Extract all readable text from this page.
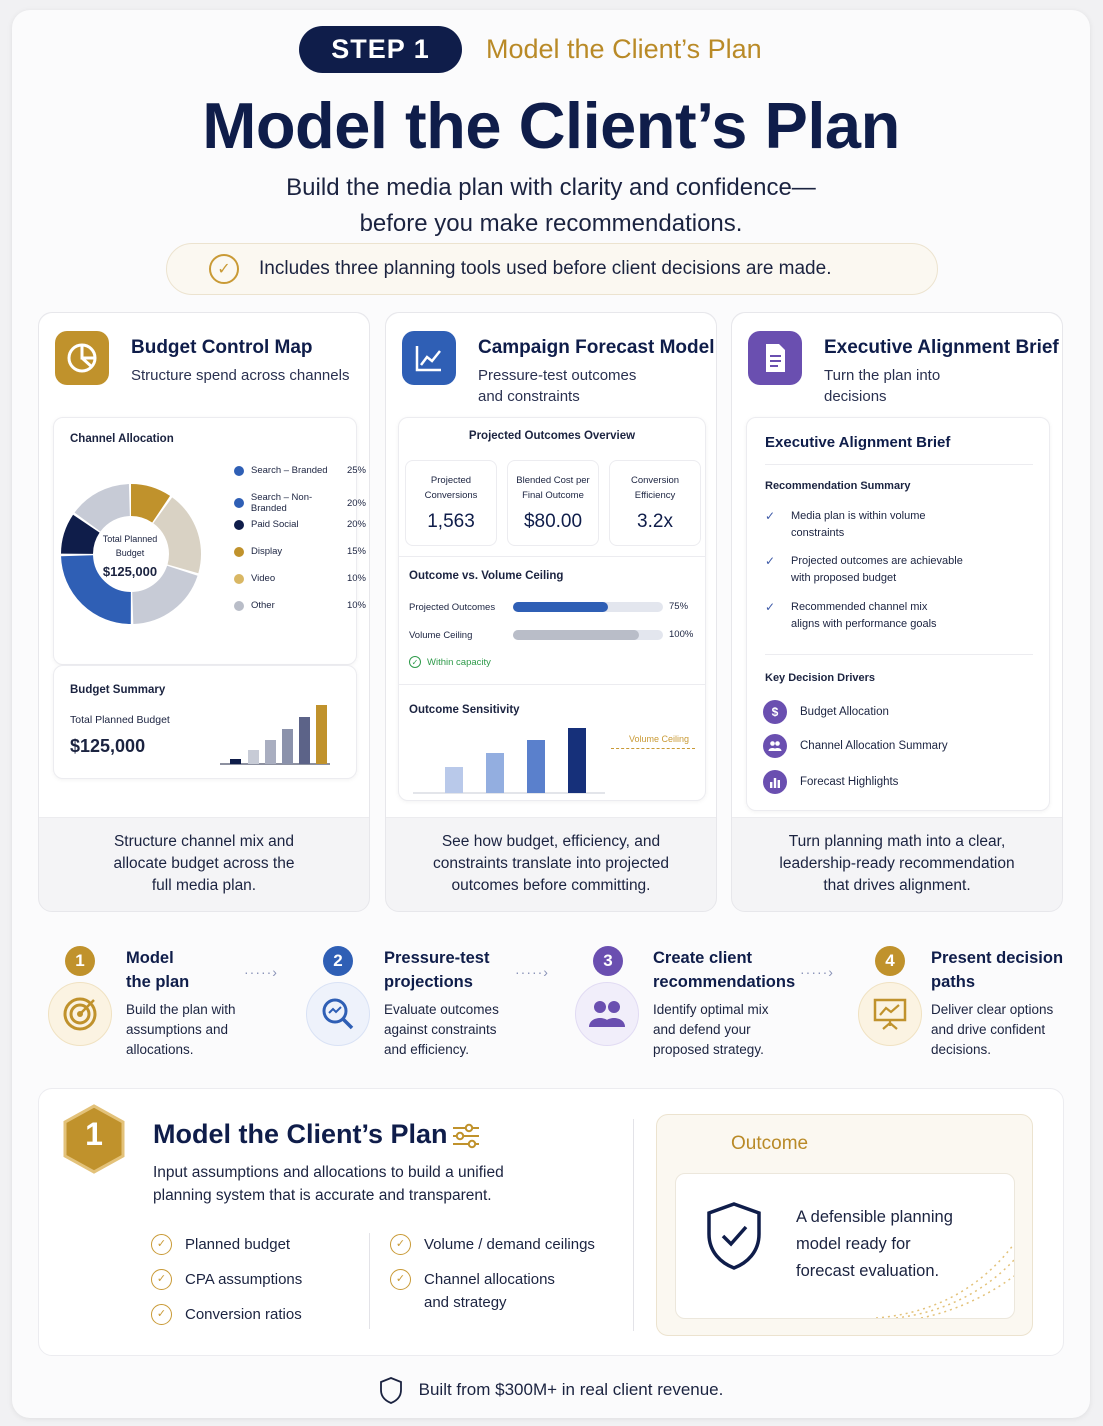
STEP 1	Model the Client’s Plan
Model the Client’s Plan
Build the media plan with clarity and confidence—
before you make recommendations.
✓	Includes three planning tools used before client decisions are made.
Budget Control Map
Structure spend across channels
Channel Allocation
Total Planned
Budget
$125,000
Search – Branded 25%
Search – Non-Branded	20%
Paid Social	20%
Display	15%
Video	10%
Other	10%
Budget Summary
Total Planned Budget
$125,000
Structure channel mix and
allocate budget across the
full media plan.
Campaign Forecast Model
Pressure-test outcomes
and constraints
Projected Outcomes Overview
Projected
Conversions
1,563
Blended Cost per
Final Outcome
$80.00
Conversion
Efficiency
3.2x
Outcome vs. Volume Ceiling
Projected Outcomes	75%
Volume Ceiling	100%
✓ Within capacity
Outcome Sensitivity
Volume Ceiling
See how budget, efficiency, and
constraints translate into projected
outcomes before committing.
Executive Alignment Brief
Turn the plan into
decisions
Executive Alignment Brief
Recommendation Summary
✓	Media plan is within volume
constraints
✓	Projected outcomes are achievable
with proposed budget
✓	Recommended channel mix
aligns with performance goals
Key Decision Drivers
$	Budget Allocation
Channel Allocation Summary
Forecast Highlights
Turn planning math into a clear,
leadership-ready recommendation
that drives alignment.
1	Model
the plan
Build the plan with
assumptions and
allocations.
·····›
2	Pressure-test
projections
Evaluate outcomes
against constraints
and efficiency.
·····›
3	Create client
recommendations
Identify optimal mix
and defend your
proposed strategy.
·····›
4	Present decision
paths
Deliver clear options
and drive confident
decisions.
1	Model the Client’s Plan
Input assumptions and allocations to build a unified
planning system that is accurate and transparent.
✓	Planned budget
✓	CPA assumptions
✓	Conversion ratios
✓	Volume / demand ceilings
✓	Channel allocations
and strategy
Outcome
A defensible planning
model ready for
forecast evaluation.
Built from $300M+ in real client revenue.
